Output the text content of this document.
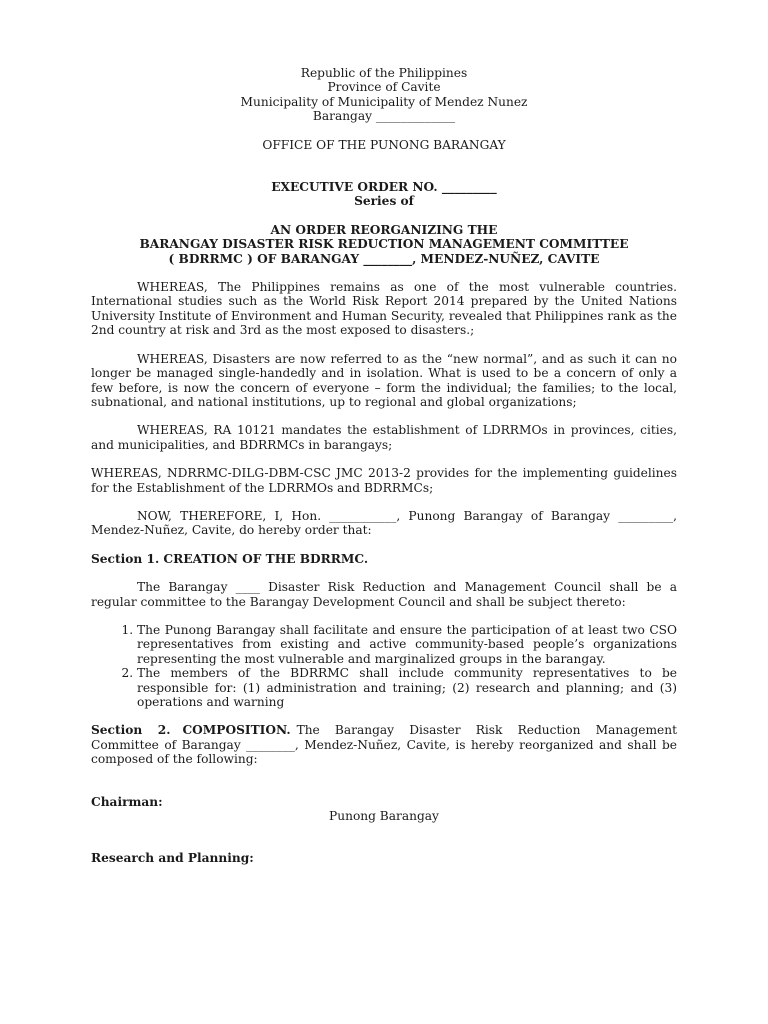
Republic of the Philippines

Province of Cavite

Municipality of Municipality of Mendez Nunez

Barangay _____________

OFFICE OF THE PUNONG BARANGAY

EXECUTIVE ORDER NO. _________

Series of

AN ORDER REORGANIZING THE

BARANGAY DISASTER RISK REDUCTION MANAGEMENT COMMITTEE

( BDRRMC ) OF BARANGAY ________, MENDEZ-NUÑEZ, CAVITE

WHEREAS, The Philippines remains as one of the most vulnerable countries. International studies such as the World Risk Report 2014 prepared by the United Nations University Institute of Environment and Human Security, revealed that Philippines rank as the 2nd country at risk and 3rd as the most exposed to disasters.;

WHEREAS, Disasters are now referred to as the “new normal”, and as such it can no longer be managed single-handedly and in isolation. What is used to be a concern of only a few before, is now the concern of everyone – form the individual; the families; to the local, subnational, and national institutions, up to regional and global organizations;

WHEREAS, RA 10121 mandates the establishment of LDRRMOs in provinces, cities, and municipalities, and BDRRMCs in barangays;

WHEREAS, NDRRMC-DILG-DBM-CSC JMC 2013-2 provides for the implementing guidelines for the Establishment of the LDRRMOs and BDRRMCs;

NOW, THEREFORE, I, Hon. ___________, Punong Barangay of Barangay _________, Mendez-Nuñez, Cavite, do hereby order that:

Section 1. CREATION OF THE BDRRMC.

The Barangay ____ Disaster Risk Reduction and Management Council shall be a regular committee to the Barangay Development Council and shall be subject thereto:

1. The Punong Barangay shall facilitate and ensure the participation of at least two CSO representatives from existing and active community-based people’s organizations representing the most vulnerable and marginalized groups in the barangay.
2. The members of the BDRRMC shall include community representatives to be responsible for: (1) administration and training; (2) research and planning; and (3) operations and warning

Section 2. COMPOSITION. The Barangay Disaster Risk Reduction Management Committee of Barangay ________, Mendez-Nuñez, Cavite, is hereby reorganized and shall be composed of the following:

Chairman:

Punong Barangay

Research and Planning:
